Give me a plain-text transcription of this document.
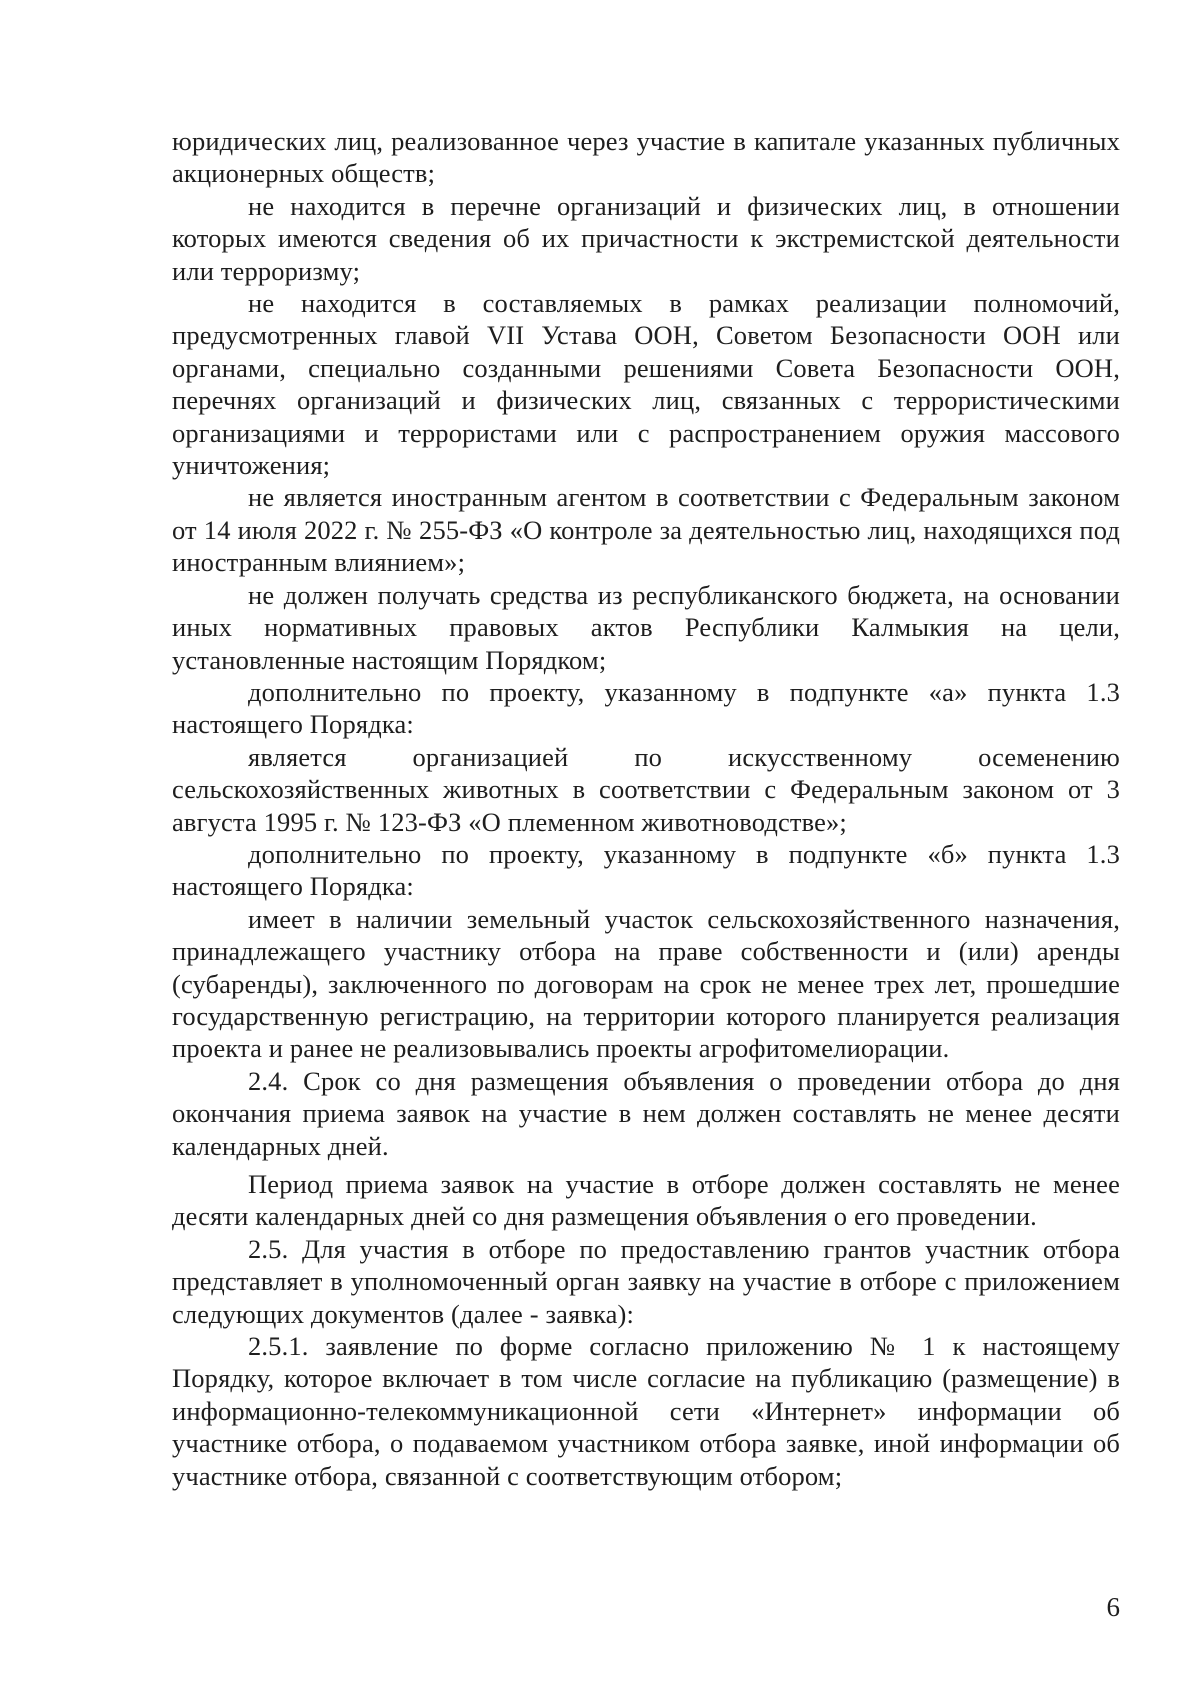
юридических лиц, реализованное через участие в капитале указанных публичных акционерных обществ;

не находится в перечне организаций и физических лиц, в отношении которых имеются сведения об их причастности к экстремистской деятельности или терроризму;

не находится в составляемых в рамках реализации полномочий, предусмотренных главой VII Устава ООН, Советом Безопасности ООН или органами, специально созданными решениями Совета Безопасности ООН, перечнях организаций и физических лиц, связанных с террористическими организациями и террористами или с распространением оружия массового уничтожения;

не является иностранным агентом в соответствии с Федеральным законом от 14 июля 2022 г. № 255-ФЗ «О контроле за деятельностью лиц, находящихся под иностранным влиянием»;

не должен получать средства из республиканского бюджета, на основании иных нормативных правовых актов Республики Калмыкия на цели, установленные настоящим Порядком;

дополнительно по проекту, указанному в подпункте «а» пункта 1.3 настоящего Порядка:

является организацией по искусственному осеменению сельскохозяйственных животных в соответствии с Федеральным законом от 3 августа 1995 г. № 123-ФЗ «О племенном животноводстве»;

дополнительно по проекту, указанному в подпункте «б» пункта 1.3 настоящего Порядка:

имеет в наличии земельный участок сельскохозяйственного назначения, принадлежащего участнику отбора на праве собственности и (или) аренды (субаренды), заключенного по договорам на срок не менее трех лет, прошедшие государственную регистрацию, на территории которого планируется реализация проекта и ранее не реализовывались проекты агрофитомелиорации.

2.4. Срок со дня размещения объявления о проведении отбора до дня окончания приема заявок на участие в нем должен составлять не менее десяти календарных дней.

Период приема заявок на участие в отборе должен составлять не менее десяти календарных дней со дня размещения объявления о его проведении.

2.5. Для участия в отборе по предоставлению грантов участник отбора представляет в уполномоченный орган заявку на участие в отборе с приложением следующих документов (далее - заявка):

2.5.1. заявление по форме согласно приложению № 1 к настоящему Порядку, которое включает в том числе согласие на публикацию (размещение) в информационно-телекоммуникационной сети «Интернет» информации об участнике отбора, о подаваемом участником отбора заявке, иной информации об участнике отбора, связанной с соответствующим отбором;

6
